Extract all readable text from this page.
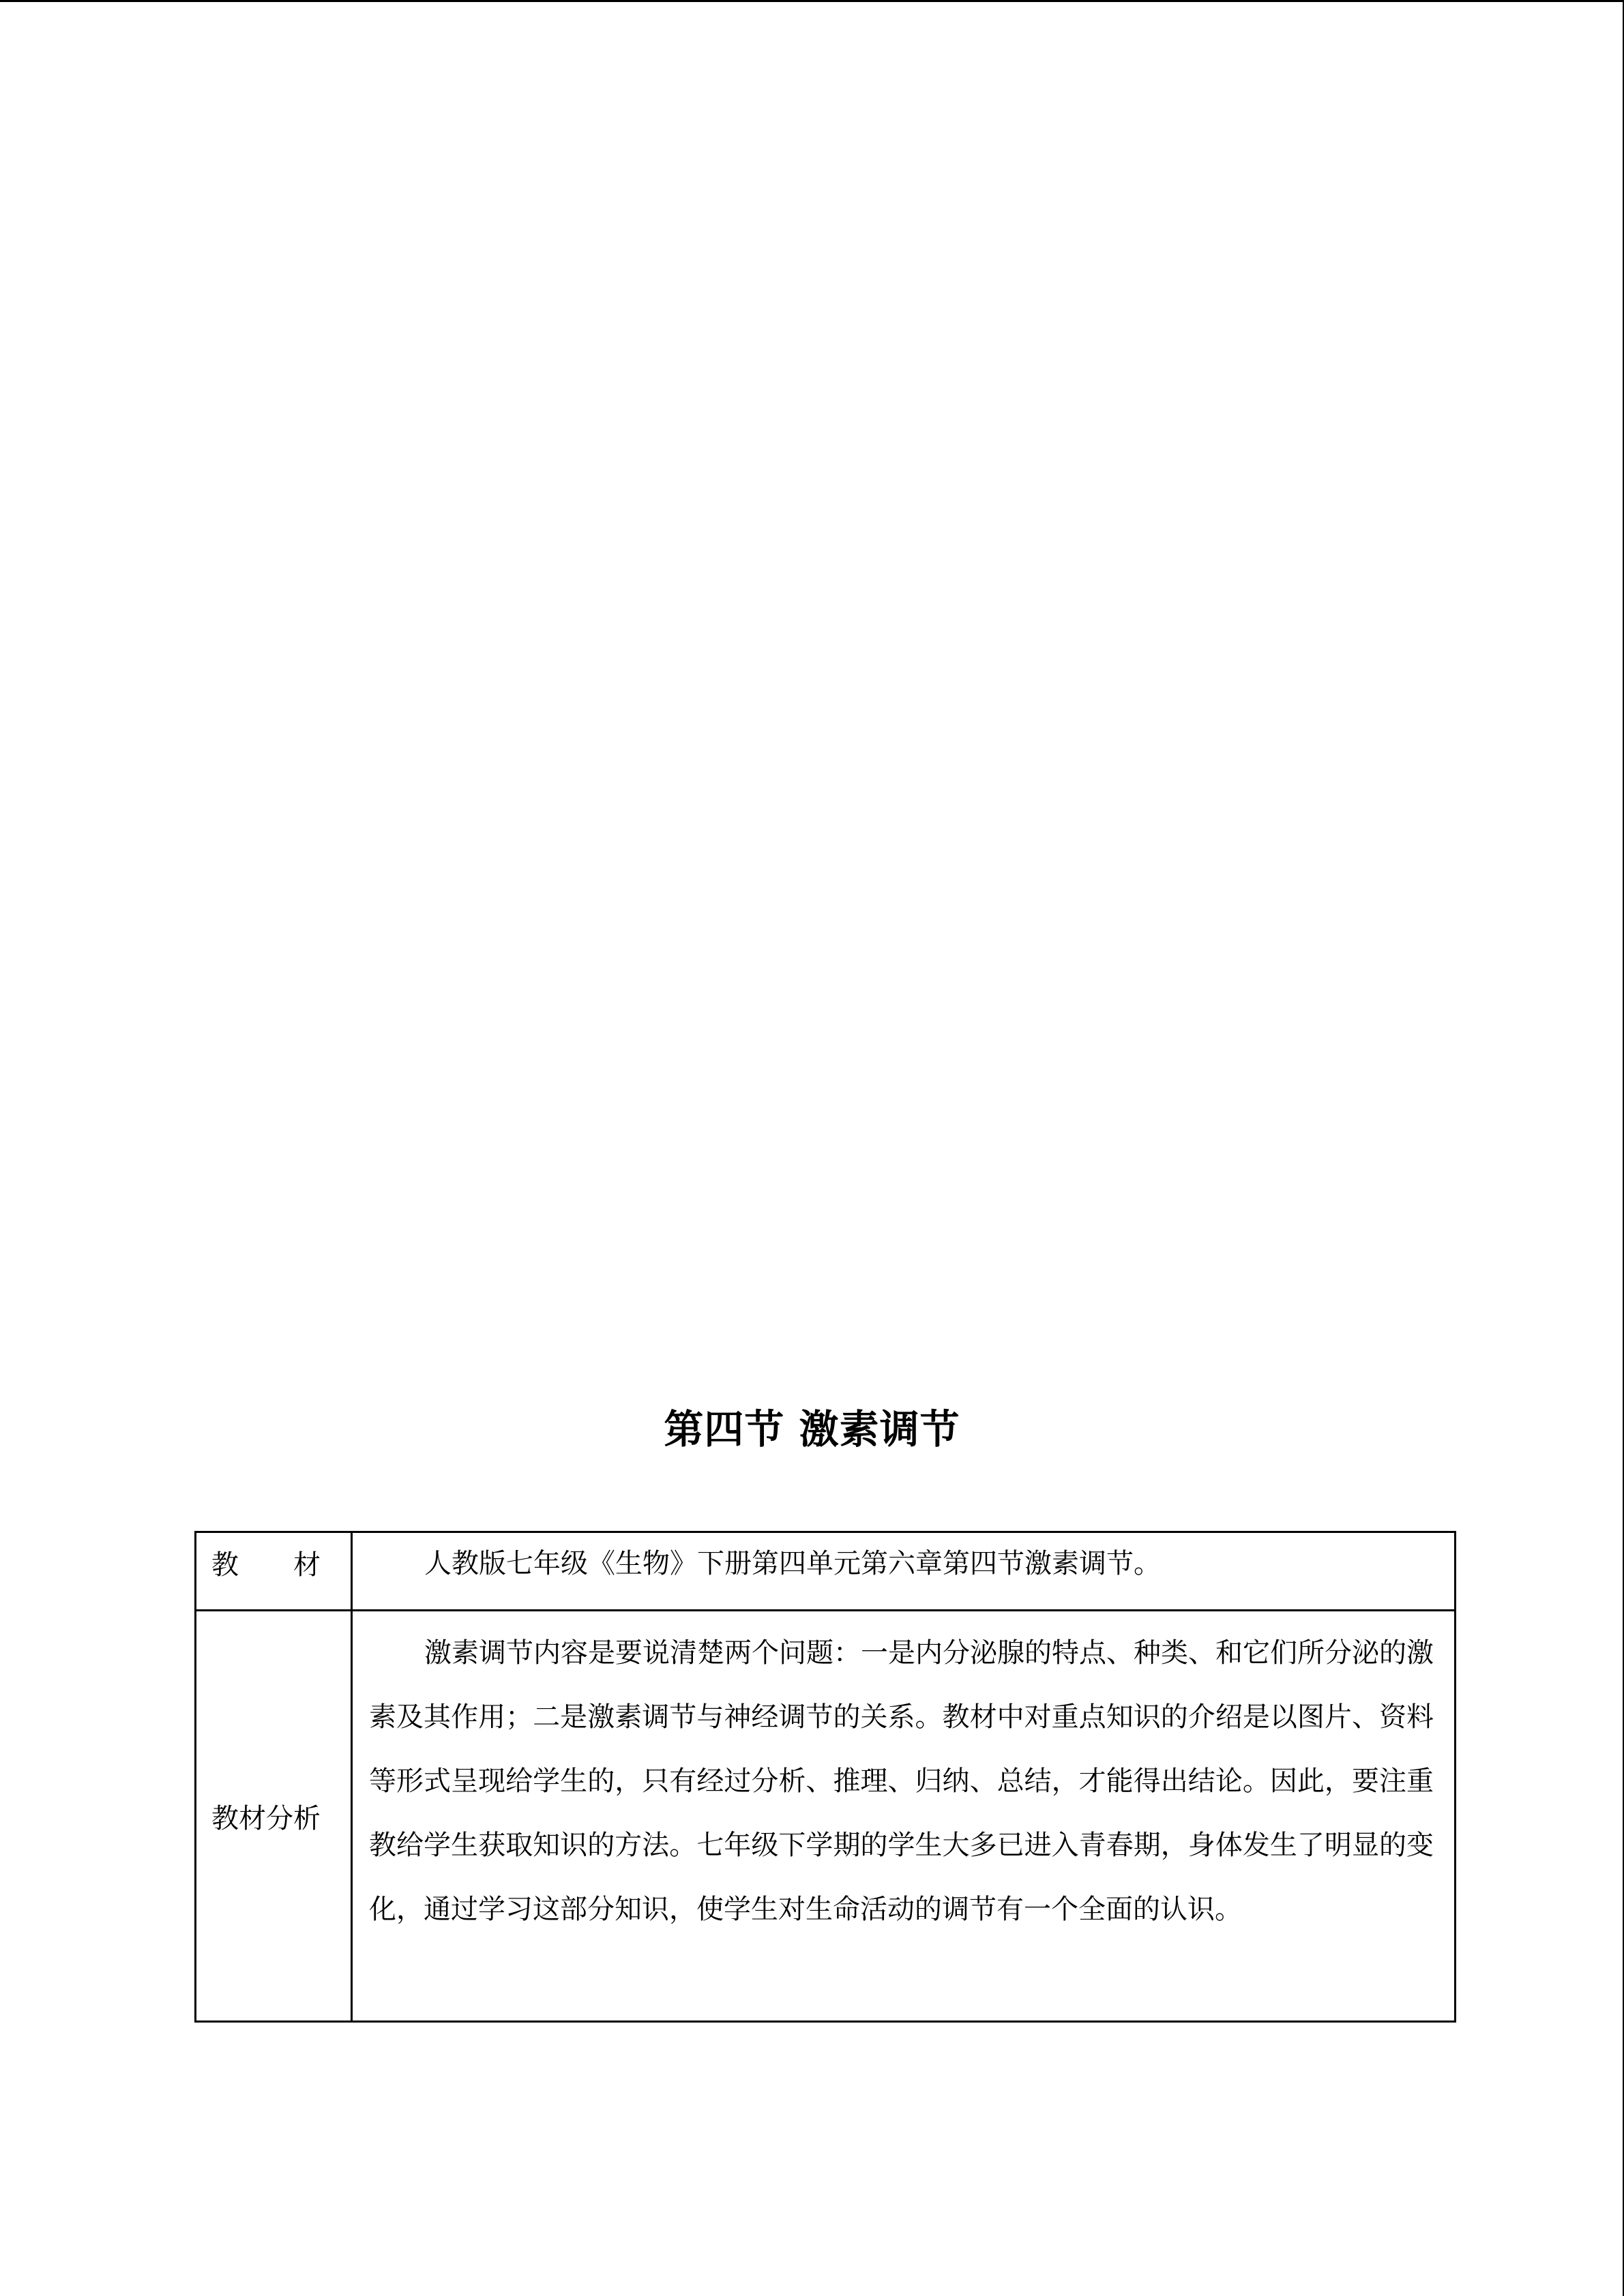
第四节 激素调节
教 材	人教版七年级《生物》下册第四单元第六章第四节激素调节。

教材分析	激素调节内容是要说清楚两个问题：一是内分泌腺的特点、种类、和它们所分泌的激素及其作用；二是激素调节与神经调节的关系。教材中对重点知识的介绍是以图片、资料等形式呈现给学生的，只有经过分析、推理、归纳、总结，才能得出结论。因此，要注重教给学生获取知识的方法。七年级下学期的学生大多已进入青春期，身体发生了明显的变化，通过学习这部分知识，使学生对生命活动的调节有一个全面的认识。
